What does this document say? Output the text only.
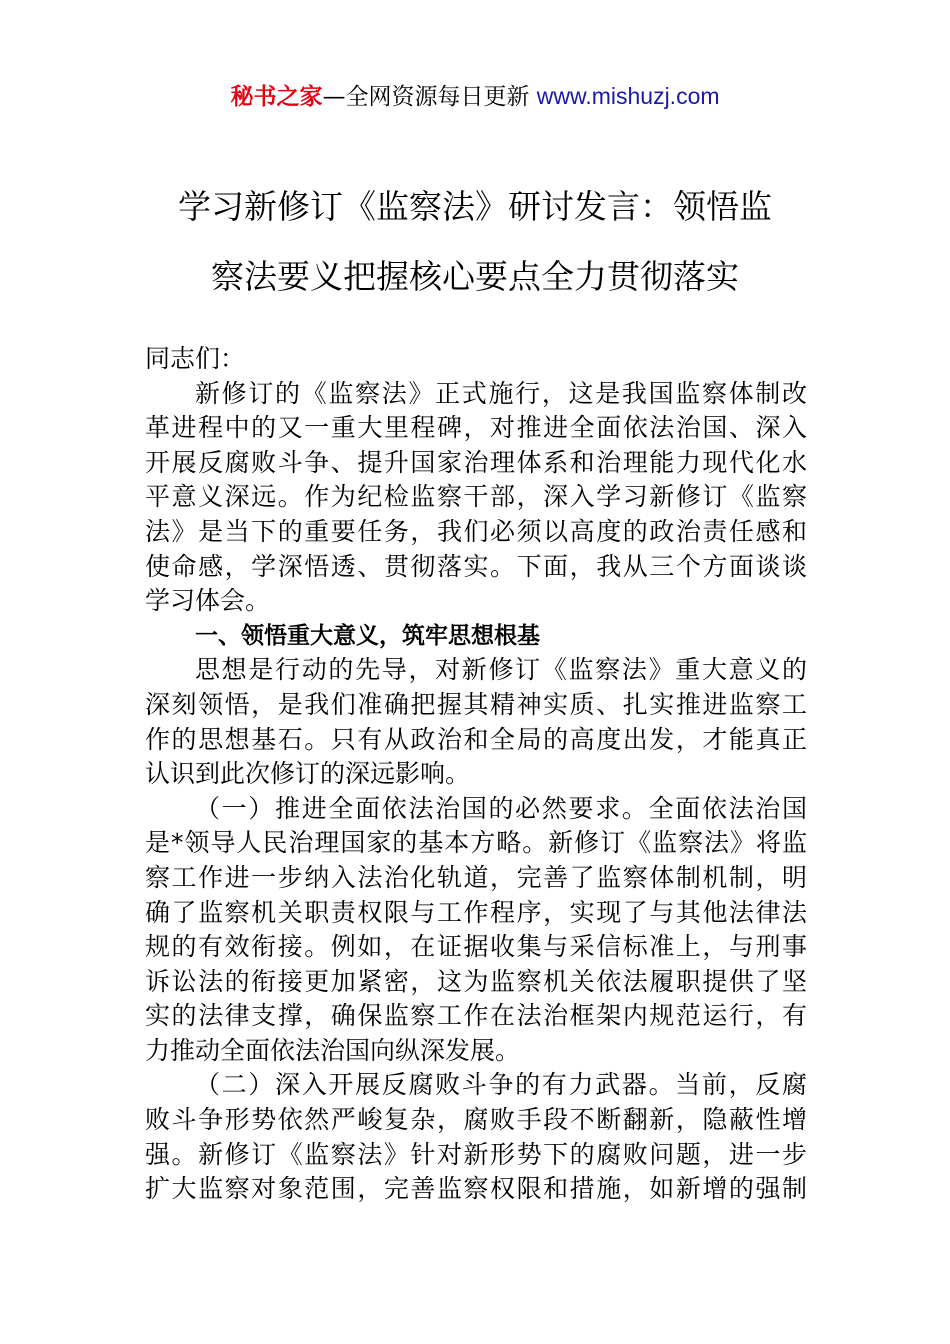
秘书之家—全网资源每日更新 www.mishuzj.com
学习新修订《监察法》研讨发言：领悟监
察法要义把握核心要点全力贯彻落实
同志们：
新修订的《监察法》正式施行，这是我国监察体制改
革进程中的又一重大里程碑，对推进全面依法治国、深入
开展反腐败斗争、提升国家治理体系和治理能力现代化水
平意义深远。作为纪检监察干部，深入学习新修订《监察
法》是当下的重要任务，我们必须以高度的政治责任感和
使命感，学深悟透、贯彻落实。下面，我从三个方面谈谈
学习体会。
一、领悟重大意义，筑牢思想根基
思想是行动的先导，对新修订《监察法》重大意义的
深刻领悟，是我们准确把握其精神实质、扎实推进监察工
作的思想基石。只有从政治和全局的高度出发，才能真正
认识到此次修订的深远影响。
（一）推进全面依法治国的必然要求。全面依法治国
是*领导人民治理国家的基本方略。新修订《监察法》将监
察工作进一步纳入法治化轨道，完善了监察体制机制，明
确了监察机关职责权限与工作程序，实现了与其他法律法
规的有效衔接。例如，在证据收集与采信标准上，与刑事
诉讼法的衔接更加紧密，这为监察机关依法履职提供了坚
实的法律支撑，确保监察工作在法治框架内规范运行，有
力推动全面依法治国向纵深发展。
（二）深入开展反腐败斗争的有力武器。当前，反腐
败斗争形势依然严峻复杂，腐败手段不断翻新，隐蔽性增
强。新修订《监察法》针对新形势下的腐败问题，进一步
扩大监察对象范围，完善监察权限和措施，如新增的强制
